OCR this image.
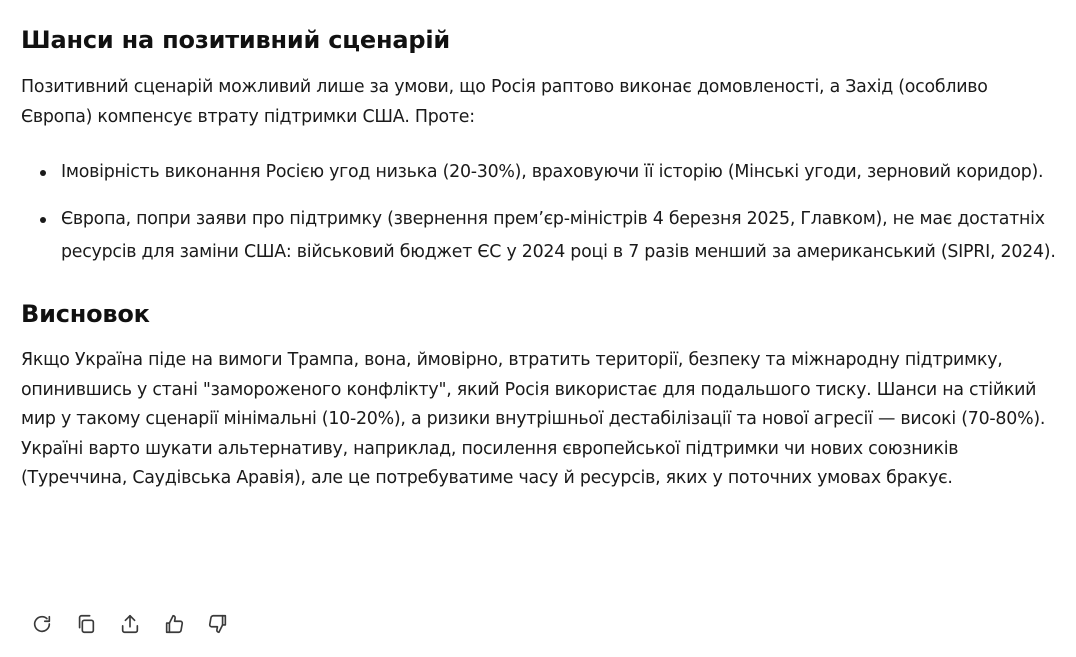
Шанси на позитивний сценарій

Позитивний сценарій можливий лише за умови, що Росія раптово виконає домовленості, а Захід (особливо Європа) компенсує втрату підтримки США. Проте:

Імовірність виконання Росією угод низька (20-30%), враховуючи її історію (Мінські угоди, зерновий коридор).
Європа, попри заяви про підтримку (звернення прем’єр-міністрів 4 березня 2025, Главком), не має достатніх ресурсів для заміни США: військовий бюджет ЄС у 2024 році в 7 разів менший за американський (SIPRI, 2024).
Висновок

Якщо Україна піде на вимоги Трампа, вона, ймовірно, втратить території, безпеку та міжнародну підтримку, опинившись у стані "замороженого конфлікту", який Росія використає для подальшого тиску. Шанси на стійкий мир у такому сценарії мінімальні (10-20%), а ризики внутрішньої дестабілізації та нової агресії — високі (70-80%). Україні варто шукати альтернативу, наприклад, посилення європейської підтримки чи нових союзників (Туреччина, Саудівська Аравія), але це потребуватиме часу й ресурсів, яких у поточних умовах бракує.
